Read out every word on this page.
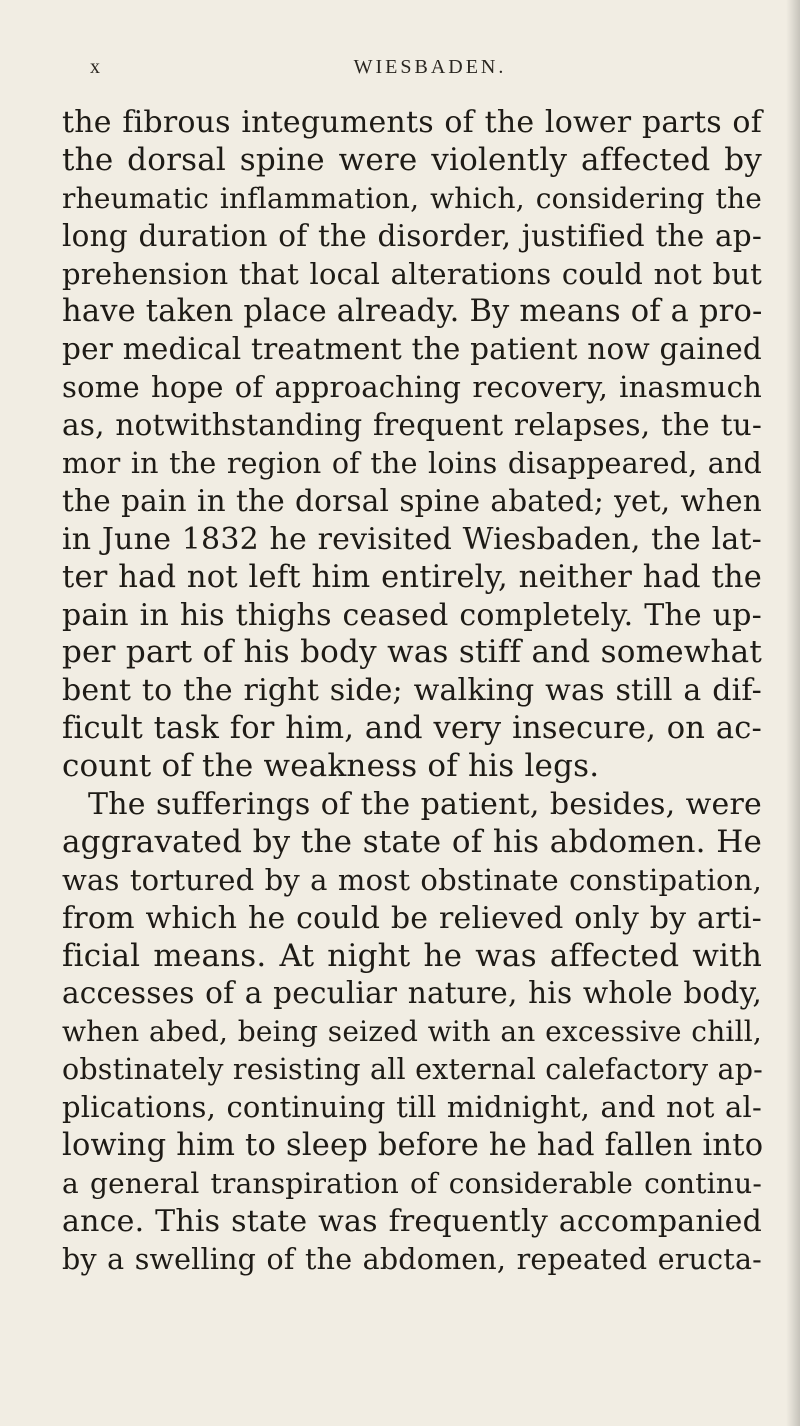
x	WIESBADEN.
the fibrous integuments of the lower parts of
the dorsal spine were violently affected by
rheumatic inflammation, which, considering the
long duration of the disorder, justified the ap-
prehension that local alterations could not but
have taken place already. By means of a pro-
per medical treatment the patient now gained
some hope of approaching recovery, inasmuch
as, notwithstanding frequent relapses, the tu-
mor in the region of the loins disappeared, and
the pain in the dorsal spine abated; yet, when
in June 1832 he revisited Wiesbaden, the lat-
ter had not left him entirely, neither had the
pain in his thighs ceased completely. The up-
per part of his body was stiff and somewhat
bent to the right side; walking was still a dif-
ficult task for him, and very insecure, on ac-
count of the weakness of his legs.
The sufferings of the patient, besides, were
aggravated by the state of his abdomen. He
was tortured by a most obstinate constipation,
from which he could be relieved only by arti-
ficial means. At night he was affected with
accesses of a peculiar nature, his whole body,
when abed, being seized with an excessive chill,
obstinately resisting all external calefactory ap-
plications, continuing till midnight, and not al-
lowing him to sleep before he had fallen into
a general transpiration of considerable continu-
ance. This state was frequently accompanied
by a swelling of the abdomen, repeated eructa-
